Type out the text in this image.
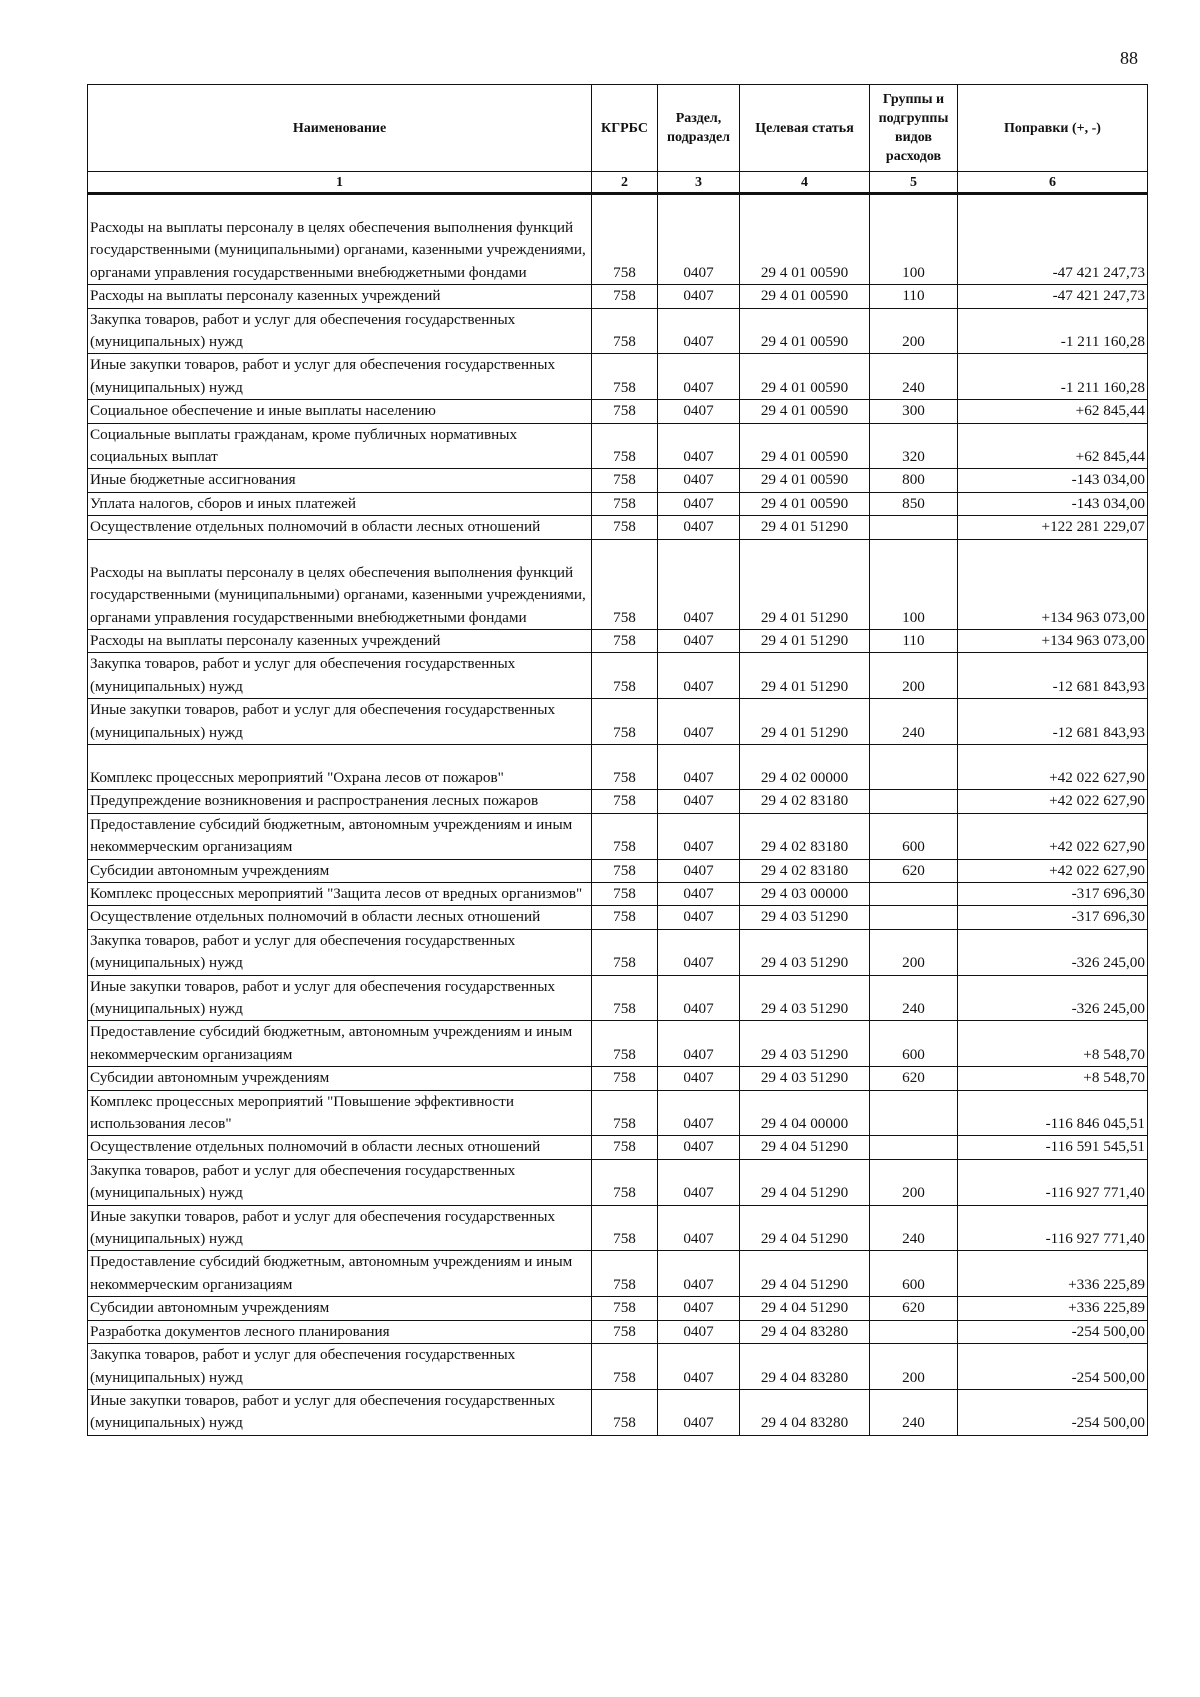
88
Наименование	КГРБС	Раздел, подраздел	Целевая статья	Группы и подгруппы видов расходов	Поправки (+, -)
1	2	3	4	5	6
Расходы на выплаты персоналу в целях обеспечения выполнения функций государственными (муниципальными) органами, казенными учреждениями, органами управления государственными внебюджетными фондами	758	0407	29 4 01 00590	100	-47 421 247,73
Расходы на выплаты персоналу казенных учреждений	758	0407	29 4 01 00590	110	-47 421 247,73
Закупка товаров, работ и услуг для обеспечения государственных (муниципальных) нужд	758	0407	29 4 01 00590	200	-1 211 160,28
Иные закупки товаров, работ и услуг для обеспечения государственных (муниципальных) нужд	758	0407	29 4 01 00590	240	-1 211 160,28
Социальное обеспечение и иные выплаты населению	758	0407	29 4 01 00590	300	+62 845,44
Социальные выплаты гражданам, кроме публичных нормативных социальных выплат	758	0407	29 4 01 00590	320	+62 845,44
Иные бюджетные ассигнования	758	0407	29 4 01 00590	800	-143 034,00
Уплата налогов, сборов и иных платежей	758	0407	29 4 01 00590	850	-143 034,00
Осуществление отдельных полномочий в области лесных отношений	758	0407	29 4 01 51290		+122 281 229,07
Расходы на выплаты персоналу в целях обеспечения выполнения функций государственными (муниципальными) органами, казенными учреждениями, органами управления государственными внебюджетными фондами	758	0407	29 4 01 51290	100	+134 963 073,00
Расходы на выплаты персоналу казенных учреждений	758	0407	29 4 01 51290	110	+134 963 073,00
Закупка товаров, работ и услуг для обеспечения государственных (муниципальных) нужд	758	0407	29 4 01 51290	200	-12 681 843,93
Иные закупки товаров, работ и услуг для обеспечения государственных (муниципальных) нужд	758	0407	29 4 01 51290	240	-12 681 843,93
Комплекс процессных мероприятий "Охрана лесов от пожаров"	758	0407	29 4 02 00000		+42 022 627,90
Предупреждение возникновения и распространения лесных пожаров	758	0407	29 4 02 83180		+42 022 627,90
Предоставление субсидий бюджетным, автономным учреждениям и иным некоммерческим организациям	758	0407	29 4 02 83180	600	+42 022 627,90
Субсидии автономным учреждениям	758	0407	29 4 02 83180	620	+42 022 627,90
Комплекс процессных мероприятий "Защита лесов от вредных организмов"	758	0407	29 4 03 00000		-317 696,30
Осуществление отдельных полномочий в области лесных отношений	758	0407	29 4 03 51290		-317 696,30
Закупка товаров, работ и услуг для обеспечения государственных (муниципальных) нужд	758	0407	29 4 03 51290	200	-326 245,00
Иные закупки товаров, работ и услуг для обеспечения государственных (муниципальных) нужд	758	0407	29 4 03 51290	240	-326 245,00
Предоставление субсидий бюджетным, автономным учреждениям и иным некоммерческим организациям	758	0407	29 4 03 51290	600	+8 548,70
Субсидии автономным учреждениям	758	0407	29 4 03 51290	620	+8 548,70
Комплекс процессных мероприятий "Повышение эффективности использования лесов"	758	0407	29 4 04 00000		-116 846 045,51
Осуществление отдельных полномочий в области лесных отношений	758	0407	29 4 04 51290		-116 591 545,51
Закупка товаров, работ и услуг для обеспечения государственных (муниципальных) нужд	758	0407	29 4 04 51290	200	-116 927 771,40
Иные закупки товаров, работ и услуг для обеспечения государственных (муниципальных) нужд	758	0407	29 4 04 51290	240	-116 927 771,40
Предоставление субсидий бюджетным, автономным учреждениям и иным некоммерческим организациям	758	0407	29 4 04 51290	600	+336 225,89
Субсидии автономным учреждениям	758	0407	29 4 04 51290	620	+336 225,89
Разработка документов лесного планирования	758	0407	29 4 04 83280		-254 500,00
Закупка товаров, работ и услуг для обеспечения государственных (муниципальных) нужд	758	0407	29 4 04 83280	200	-254 500,00
Иные закупки товаров, работ и услуг для обеспечения государственных (муниципальных) нужд	758	0407	29 4 04 83280	240	-254 500,00
